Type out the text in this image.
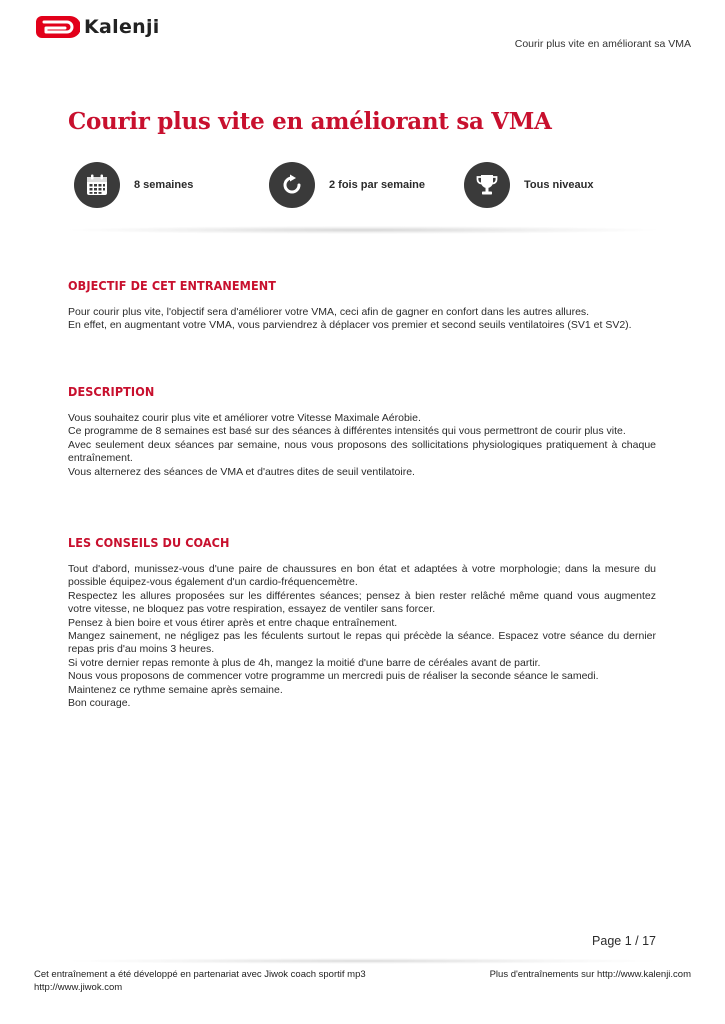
Kalenji
Courir plus vite en améliorant sa VMA
Courir plus vite en améliorant sa VMA
8 semaines	2 fois par semaine	Tous niveaux
OBJECTIF DE CET ENTRANEMENT

Pour courir plus vite, l'objectif sera d'améliorer votre VMA, ceci afin de gagner en confort dans les autres allures.

En effet, en augmentant votre VMA, vous parviendrez à déplacer vos premier et second seuils ventilatoires (SV1 et SV2).

DESCRIPTION

Vous souhaitez courir plus vite et améliorer votre Vitesse Maximale Aérobie.

Ce programme de 8 semaines est basé sur des séances à différentes intensités qui vous permettront de courir plus vite.

Avec seulement deux séances par semaine, nous vous proposons des sollicitations physiologiques pratiquement à chaque entraînement.

Vous alternerez des séances de VMA et d'autres dites de seuil ventilatoire.

LES CONSEILS DU COACH

Tout d'abord, munissez-vous d'une paire de chaussures en bon état et adaptées à votre morphologie; dans la mesure du possible équipez-vous également d'un cardio-fréquencemètre.

Respectez les allures proposées sur les différentes séances; pensez à bien rester relâché même quand vous augmentez votre vitesse, ne bloquez pas votre respiration, essayez de ventiler sans forcer.

Pensez à bien boire et vous étirer après et entre chaque entraînement.

Mangez sainement, ne négligez pas les féculents surtout le repas qui précède la séance. Espacez votre séance du dernier repas pris d'au moins 3 heures.

Si votre dernier repas remonte à plus de 4h, mangez la moitié d'une barre de céréales avant de partir.

Nous vous proposons de commencer votre programme un mercredi puis de réaliser la seconde séance le samedi.

Maintenez ce rythme semaine après semaine.

Bon courage.

Page 1 / 17
Cet entraînement a été développé en partenariat avec Jiwok coach sportif mp3
http://www.jiwok.com
Plus d'entraînements sur http://www.kalenji.com
